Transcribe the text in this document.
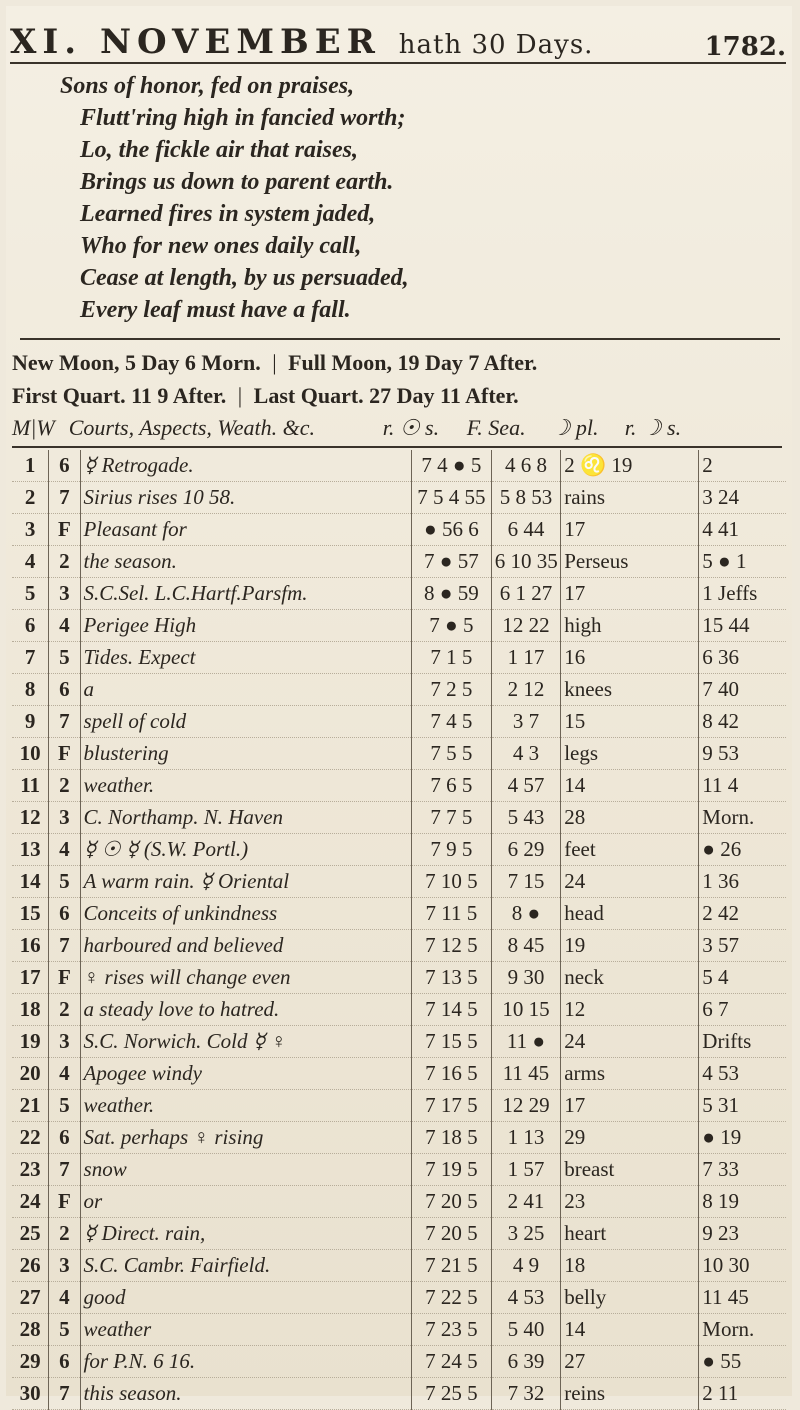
XI. NOVEMBER hath 30 Days.	1782.
Sons of honor, fed on praises,
Flutt'ring high in fancied worth;
Lo, the fickle air that raises,
Brings us down to parent earth.
Learned fires in system jaded,
Who for new ones daily call,
Cease at length, by us persuaded,
Every leaf must have a fall.
New Moon, 5 Day 6 Morn. | Full Moon, 19 Day 7 After.
First Quart. 11 9 After. | Last Quart. 27 Day 11 After.
M|W Courts, Aspects, Weath. &c.	r. ☉ s.	F. Sea.	☽ pl.	r. ☽ s.
1	6	☿ Retrogade.	7 4 ● 5	4 6 8	2 ♌ 19	2
2	7	Sirius rises 10 58.	7 5 4 55	5 8 53	rains	3 24
3	F	Pleasant for	● 56 6	6 44	17	4 41
4	2	the season.	7 ● 57	6 10 35	Perseus	5 ● 1
5	3	S.C.Sel. L.C.Hartf.Parsfm.	8 ● 59	6 1 27	17	1 Jeffs
6	4	Perigee High	7 ● 5	12 22	high	15 44
7	5	Tides. Expect	7 1 5	1 17	16	6 36
8	6	a	7 2 5	2 12	knees	7 40
9	7	spell of cold	7 4 5	3 7	15	8 42
10	F	blustering	7 5 5	4 3	legs	9 53
11	2	weather.	7 6 5	4 57	14	11 4
12	3	C. Northamp. N. Haven	7 7 5	5 43	28	Morn.
13	4	☿ ☉ ☿ (S.W. Portl.)	7 9 5	6 29	feet	● 26
14	5	A warm rain. ☿ Oriental	7 10 5	7 15	24	1 36
15	6	Conceits of unkindness	7 11 5	8 ●	head	2 42
16	7	harboured and believed	7 12 5	8 45	19	3 57
17	F	♀ rises will change even	7 13 5	9 30	neck	5 4
18	2	a steady love to hatred.	7 14 5	10 15	12	6 7
19	3	S.C. Norwich. Cold ☿ ♀	7 15 5	11 ●	24	Drifts
20	4	Apogee windy	7 16 5	11 45	arms	4 53
21	5	weather.	7 17 5	12 29	17	5 31
22	6	Sat. perhaps ♀ rising	7 18 5	1 13	29	● 19
23	7	snow	7 19 5	1 57	breast	7 33
24	F	or	7 20 5	2 41	23	8 19
25	2	☿ Direct. rain,	7 20 5	3 25	heart	9 23
26	3	S.C. Cambr. Fairfield.	7 21 5	4 9	18	10 30
27	4	good	7 22 5	4 53	belly	11 45
28	5	weather	7 23 5	5 40	14	Morn.
29	6	for P.N. 6 16.	7 24 5	6 39	27	● 55
30	7	this season.	7 25 5	7 32	reins	2 11
